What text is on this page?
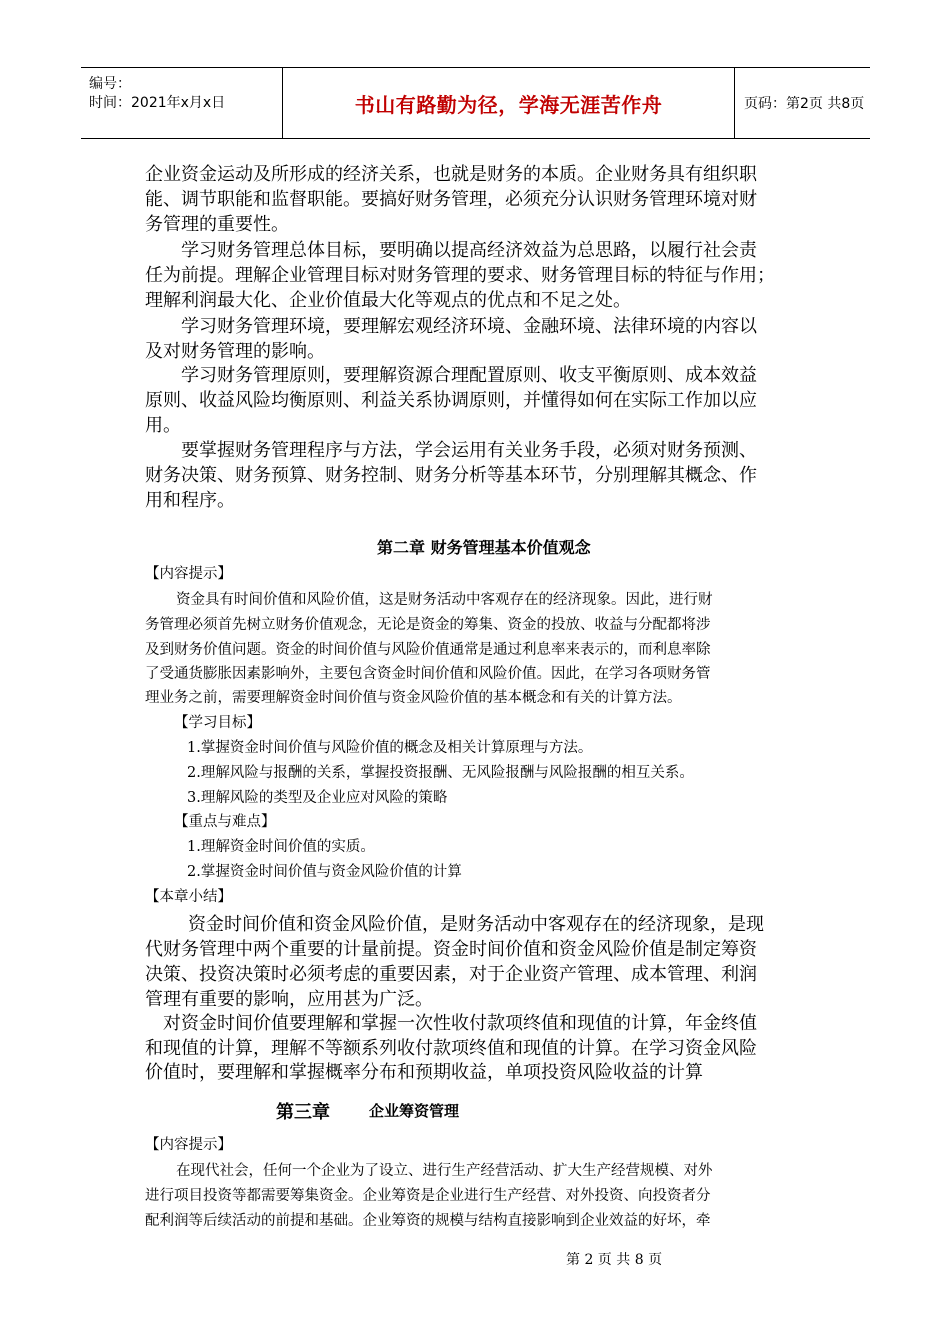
编号：
时间：2021年x月x日	书山有路勤为径，学海无涯苦作舟	页码：第2页 共8页
企业资金运动及所形成的经济关系，也就是财务的本质。企业财务具有组织职
能、调节职能和监督职能。要搞好财务管理，必须充分认识财务管理环境对财
务管理的重要性。
学习财务管理总体目标，要明确以提高经济效益为总思路，以履行社会责
任为前提。理解企业管理目标对财务管理的要求、财务管理目标的特征与作用；
理解利润最大化、企业价值最大化等观点的优点和不足之处。
学习财务管理环境，要理解宏观经济环境、金融环境、法律环境的内容以
及对财务管理的影响。
学习财务管理原则，要理解资源合理配置原则、收支平衡原则、成本效益
原则、收益风险均衡原则、利益关系协调原则，并懂得如何在实际工作加以应
用。
要掌握财务管理程序与方法，学会运用有关业务手段，必须对财务预测、
财务决策、财务预算、财务控制、财务分析等基本环节，分别理解其概念、作
用和程序。
第二章 财务管理基本价值观念
【内容提示】
资金具有时间价值和风险价值，这是财务活动中客观存在的经济现象。因此，进行财
务管理必须首先树立财务价值观念，无论是资金的筹集、资金的投放、收益与分配都将涉
及到财务价值问题。资金的时间价值与风险价值通常是通过利息率来表示的，而利息率除
了受通货膨胀因素影响外，主要包含资金时间价值和风险价值。因此，在学习各项财务管
理业务之前，需要理解资金时间价值与资金风险价值的基本概念和有关的计算方法。
【学习目标】
1.掌握资金时间价值与风险价值的概念及相关计算原理与方法。
2.理解风险与报酬的关系，掌握投资报酬、无风险报酬与风险报酬的相互关系。
3.理解风险的类型及企业应对风险的策略
【重点与难点】
1.理解资金时间价值的实质。
2.掌握资金时间价值与资金风险价值的计算
【本章小结】
资金时间价值和资金风险价值，是财务活动中客观存在的经济现象，是现
代财务管理中两个重要的计量前提。资金时间价值和资金风险价值是制定筹资
决策、投资决策时必须考虑的重要因素，对于企业资产管理、成本管理、利润
管理有重要的影响，应用甚为广泛。
对资金时间价值要理解和掌握一次性收付款项终值和现值的计算，年金终值
和现值的计算，理解不等额系列收付款项终值和现值的计算。在学习资金风险
价值时，要理解和掌握概率分布和预期收益，单项投资风险收益的计算
第三章	企业筹资管理
【内容提示】
在现代社会，任何一个企业为了设立、进行生产经营活动、扩大生产经营规模、对外
进行项目投资等都需要筹集资金。企业筹资是企业进行生产经营、对外投资、向投资者分
配利润等后续活动的前提和基础。企业筹资的规模与结构直接影响到企业效益的好坏，牵
第 2 页 共 8 页
